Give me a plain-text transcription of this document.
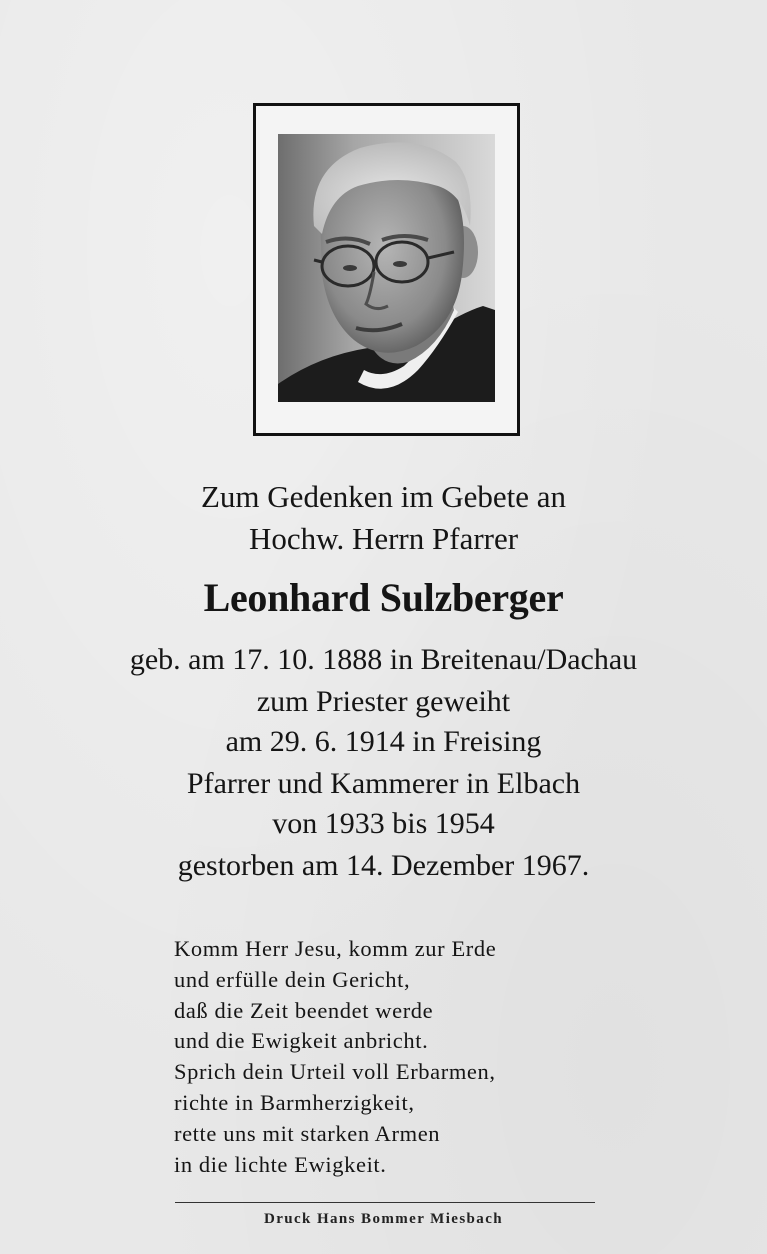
Zum Gedenken im Gebete an
Hochw. Herrn Pfarrer
Leonhard Sulzberger
geb. am 17. 10. 1888 in Breitenau/Dachau
zum Priester geweiht
am 29. 6. 1914 in Freising
Pfarrer und Kammerer in Elbach
von 1933 bis 1954
gestorben am 14. Dezember 1967.
Komm Herr Jesu, komm zur Erde
und erfülle dein Gericht,
daß die Zeit beendet werde
und die Ewigkeit anbricht.
Sprich dein Urteil voll Erbarmen,
richte in Barmherzigkeit,
rette uns mit starken Armen
in die lichte Ewigkeit.
Druck Hans Bommer Miesbach
